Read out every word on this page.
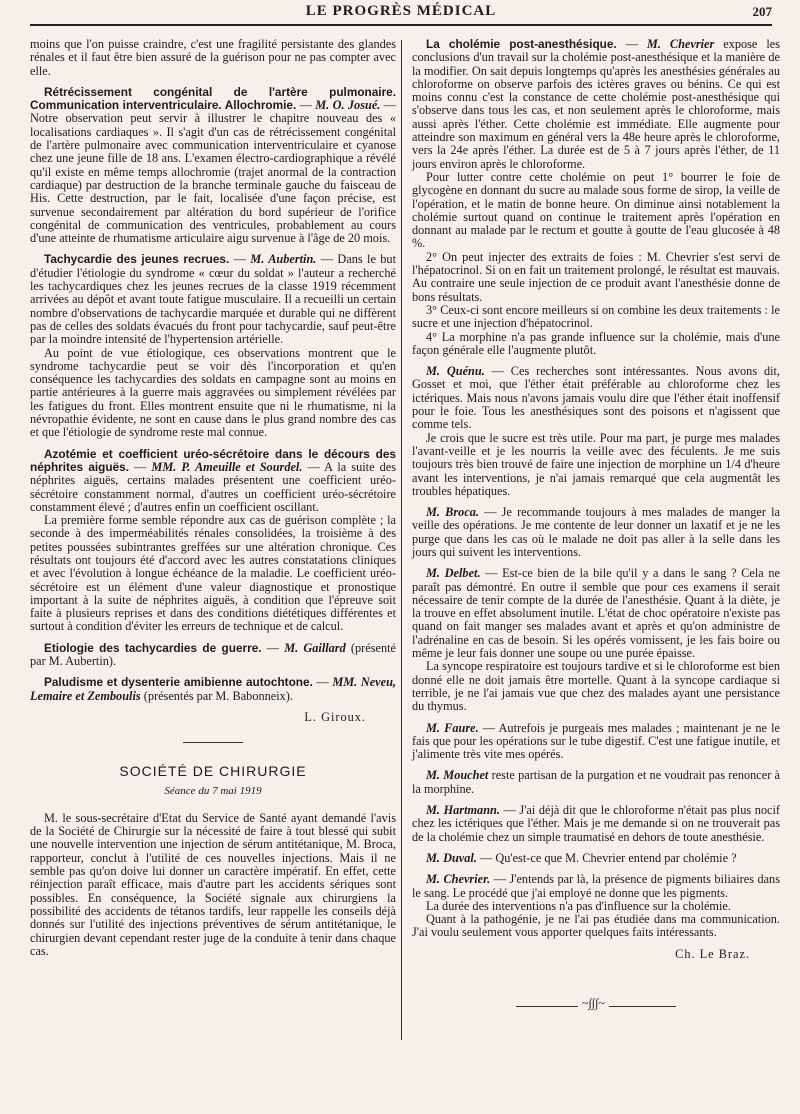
LE PROGRÈS MÉDICAL	207

moins que l'on puisse craindre, c'est une fragilité persistante des glandes rénales et il faut être bien assuré de la guérison pour ne pas compter avec elle.

Rétrécissement congénital de l'artère pulmonaire. Communication interventriculaire. Allochromie. — M. O. Josué. — Notre observation peut servir à illustrer le chapitre nouveau des « localisations cardiaques ». Il s'agit d'un cas de rétrécissement congénital de l'artère pulmonaire avec communication interventriculaire et cyanose chez une jeune fille de 18 ans. L'examen électro-cardiographique a révélé qu'il existe en même temps allochromie (trajet anormal de la contraction cardiaque) par destruction de la branche terminale gauche du faisceau de His. Cette destruction, par le fait, localisée d'une façon précise, est survenue secondairement par altération du bord supérieur de l'orifice congénital de communication des ventricules, probablement au cours d'une atteinte de rhumatisme articulaire aigu survenue à l'âge de 20 mois.

Tachycardie des jeunes recrues. — M. Aubertin. — Dans le but d'étudier l'étiologie du syndrome « cœur du soldat » l'auteur a recherché les tachycardiques chez les jeunes recrues de la classe 1919 récemment arrivées au dépôt et avant toute fatigue musculaire. Il a recueilli un certain nombre d'observations de tachycardie marquée et durable qui ne diffèrent pas de celles des soldats évacués du front pour tachycardie, sauf peut-être par la moindre intensité de l'hypertension artérielle.

Au point de vue étiologique, ces observations montrent que le syndrome tachycardie peut se voir dès l'incorporation et qu'en conséquence les tachycardies des soldats en campagne sont au moins en partie antérieures à la guerre mais aggravées ou simplement révélées par les fatigues du front. Elles montrent ensuite que ni le rhumatisme, ni la névropathie évidente, ne sont en cause dans le plus grand nombre des cas et que l'étiologie de syndrome reste mal connue.

Azotémie et coefficient uréo-sécrétoire dans le décours des néphrites aiguës. — MM. P. Ameuille et Sourdel. — A la suite des néphrites aiguës, certains malades présentent une coefficient uréo-sécrétoire constamment normal, d'autres un coefficient uréo-sécrétoire constamment élevé ; d'autres enfin un coefficient oscillant.

La première forme semble répondre aux cas de guérison complète ; la seconde à des imperméabilités rénales consolidées, la troisième à des petites poussées subintrantes greffées sur une altération chronique. Ces résultats ont toujours été d'accord avec les autres constatations cliniques et avec l'évolution à longue échéance de la maladie. Le coefficient uréo-sécrétoire est un élément d'une valeur diagnostique et pronostique important à la suite de néphrites aiguës, à condition que l'épreuve soit faite à plusieurs reprises et dans des conditions diététiques différentes et surtout à condition d'éviter les erreurs de technique et de calcul.

Etiologie des tachycardies de guerre. — M. Gaillard (présenté par M. Aubertin).

Paludisme et dysenterie amibienne autochtone. — MM. Neveu, Lemaire et Zemboulis (présentés par M. Babonneix).

L. Giroux.

SOCIÉTÉ DE CHIRURGIE
Séance du 7 mai 1919

M. le sous-secrétaire d'Etat du Service de Santé ayant demandé l'avis de la Société de Chirurgie sur la nécessité de faire à tout blessé qui subit une nouvelle intervention une injection de sérum antitétanique, M. Broca, rapporteur, conclut à l'utilité de ces nouvelles injections. Mais il ne semble pas qu'on doive lui donner un caractère impératif. En effet, cette réinjection paraît efficace, mais d'autre part les accidents sériques sont possibles. En conséquence, la Société signale aux chirurgiens la possibilité des accidents de tétanos tardifs, leur rappelle les conseils déjà donnés sur l'utilité des injections préventives de sérum antitétanique, le chirurgien devant cependant rester juge de la conduite à tenir dans chaque cas.

La cholémie post-anesthésique. — M. Chevrier expose les conclusions d'un travail sur la cholémie post-anesthésique et la manière de la modifier. On sait depuis longtemps qu'après les anesthésies générales au chloroforme on observe parfois des ictères graves ou bénins. Ce qui est moins connu c'est la constance de cette cholémie post-anesthésique qui s'observe dans tous les cas, et non seulement après le chloroforme, mais aussi après l'éther. Cette cholémie est immédiate. Elle augmente pour atteindre son maximum en général vers la 48e heure après le chloroforme, vers la 24e après l'éther. La durée est de 5 à 7 jours après l'éther, de 11 jours environ après le chloroforme.

Pour lutter contre cette cholémie on peut 1° bourrer le foie de glycogène en donnant du sucre au malade sous forme de sirop, la veille de l'opération, et le matin de bonne heure. On diminue ainsi notablement la cholémie surtout quand on continue le traitement après l'opération en donnant au malade par le rectum et goutte à goutte de l'eau glucosée à 48 %.

2° On peut injecter des extraits de foies : M. Chevrier s'est servi de l'hépatocrinol. Si on en fait un traitement prolongé, le résultat est mauvais. Au contraire une seule injection de ce produit avant l'anesthésie donne de bons résultats.

3° Ceux-ci sont encore meilleurs si on combine les deux traitements : le sucre et une injection d'hépatocrinol.

4° La morphine n'a pas grande influence sur la cholémie, mais d'une façon générale elle l'augmente plutôt.

M. Quénu. — Ces recherches sont intéressantes. Nous avons dit, Gosset et moi, que l'éther était préférable au chloroforme chez les ictériques. Mais nous n'avons jamais voulu dire que l'éther était inoffensif pour le foie. Tous les anesthésiques sont des poisons et n'agissent que comme tels.

Je crois que le sucre est très utile. Pour ma part, je purge mes malades l'avant-veille et je les nourris la veille avec des féculents. Je me suis toujours très bien trouvé de faire une injection de morphine un 1/4 d'heure avant les interventions, je n'ai jamais remarqué que cela augmentât les troubles hépatiques.

M. Broca. — Je recommande toujours à mes malades de manger la veille des opérations. Je me contente de leur donner un laxatif et je ne les purge que dans les cas où le malade ne doit pas aller à la selle dans les jours qui suivent les interventions.

M. Delbet. — Est-ce bien de la bile qu'il y a dans le sang ? Cela ne paraît pas démontré. En outre il semble que pour ces examens il serait nécessaire de tenir compte de la durée de l'anesthésie. Quant à la diète, je la trouve en effet absolument inutile. L'état de choc opératoire n'existe pas quand on fait manger ses malades avant et après et qu'on administre de l'adrénaline en cas de besoin. Si les opérés vomissent, je les fais boire ou même je leur fais donner une soupe ou une purée épaisse.

La syncope respiratoire est toujours tardive et si le chloroforme est bien donné elle ne doit jamais être mortelle. Quant à la syncope cardiaque si terrible, je ne l'ai jamais vue que chez des malades ayant une persistance du thymus.

M. Faure. — Autrefois je purgeais mes malades ; maintenant je ne le fais que pour les opérations sur le tube digestif. C'est une fatigue inutile, et j'alimente très vite mes opérés.

M. Mouchet reste partisan de la purgation et ne voudrait pas renoncer à la morphine.

M. Hartmann. — J'ai déjà dit que le chloroforme n'était pas plus nocif chez les ictériques que l'éther. Mais je me demande si on ne trouverait pas de la cholémie chez un simple traumatisé en dehors de toute anesthésie.

M. Duval. — Qu'est-ce que M. Chevrier entend par cholémie ?

M. Chevrier. — J'entends par là, la présence de pigments biliaires dans le sang. Le procédé que j'ai employé ne donne que les pigments.

La durée des interventions n'a pas d'influence sur la cholémie.

Quant à la pathogénie, je ne l'ai pas étudiée dans ma communication. J'ai voulu seulement vous apporter quelques faits intéressants.

Ch. Le Braz.

~∫∫∫~
